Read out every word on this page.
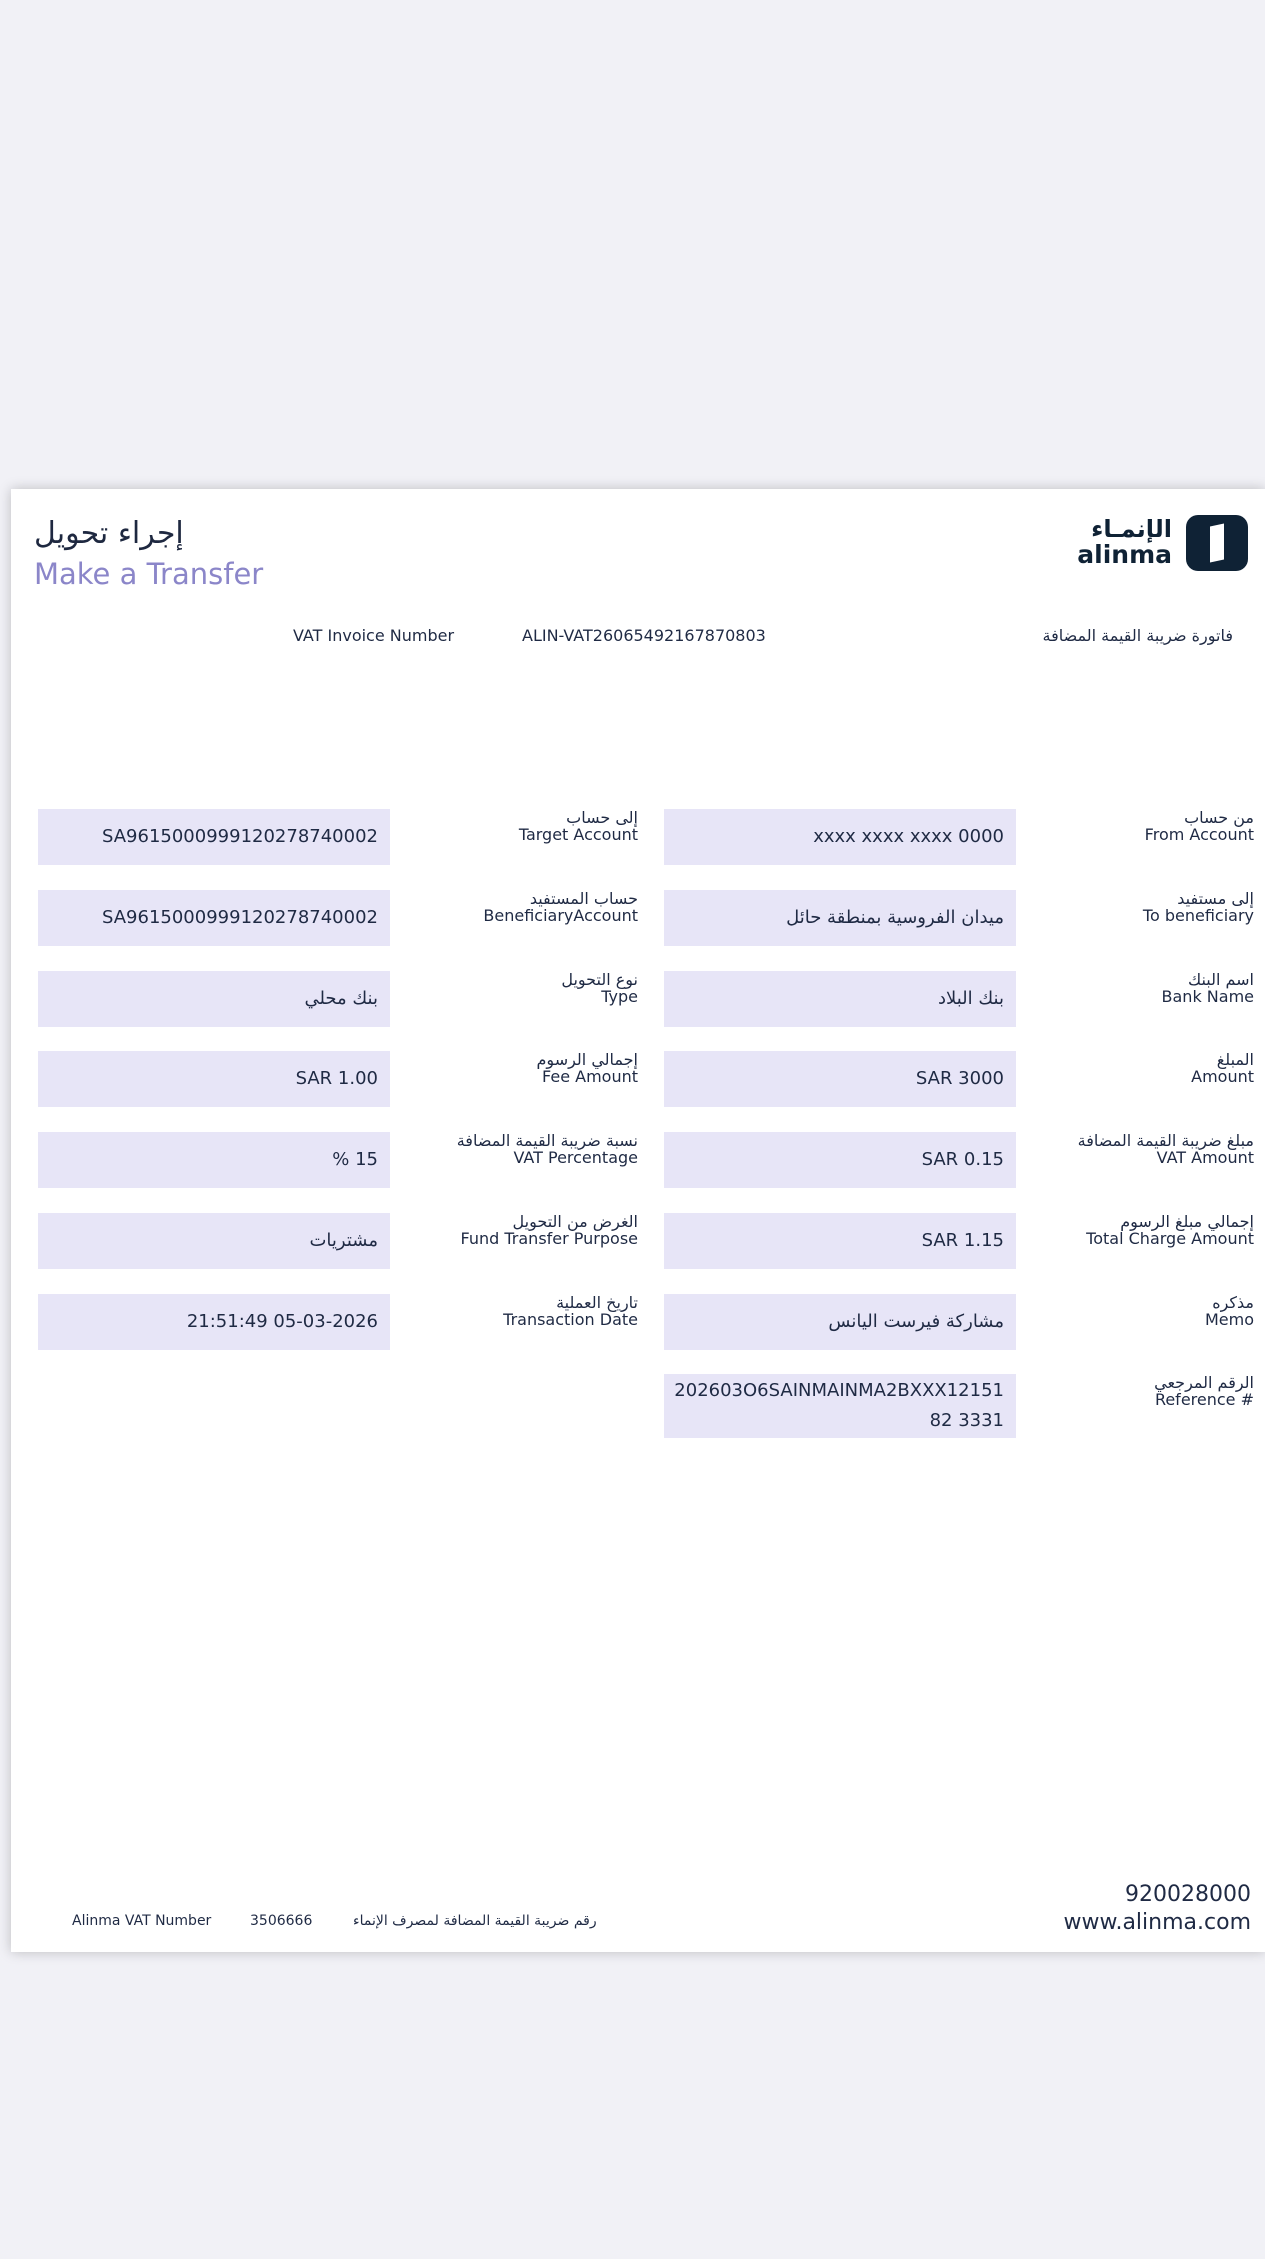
إجراء تحويل
Make a Transfer
الإنمـاء
alinma
VAT Invoice Number	ALIN-VAT26065492167870803	فاتورة ضريبة القيمة المضافة
من حساب
From Account
xxxx xxxx xxxx 0000
إلى مستفيد
To beneficiary
ميدان الفروسية بمنطقة حائل
اسم البنك
Bank Name
بنك البلاد
المبلغ
Amount
SAR 3000
مبلغ ضريبة القيمة المضافة
VAT Amount
SAR 0.15
إجمالي مبلغ الرسوم
Total Charge Amount
SAR 1.15
مذكره
Memo
مشاركة فيرست اليانس
الرقم المرجعي
Reference #
202603O6SAINMAINMA2BXXX1215182 3331
إلى حساب
Target Account
SA9615000999120278740002
حساب المستفيد
BeneficiaryAccount
SA9615000999120278740002
نوع التحويل
Type
بنك محلي
إجمالي الرسوم
Fee Amount
SAR 1.00
نسبة ضريبة القيمة المضافة
VAT Percentage
% 15
الغرض من التحويل
Fund Transfer Purpose
مشتريات
تاريخ العملية
Transaction Date
21:51:49 05-03-2026
Alinma VAT Number	3506666	رقم ضريبة القيمة المضافة لمصرف الإنماء
920028000
www.alinma.com
